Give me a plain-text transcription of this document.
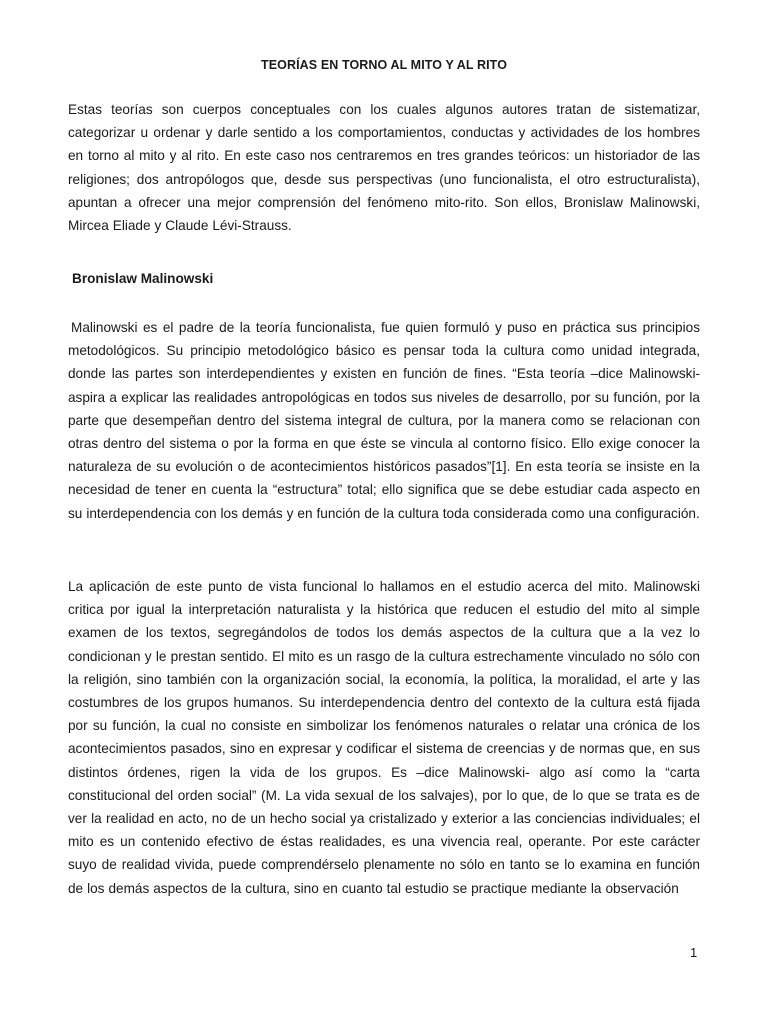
TEORÍAS EN TORNO AL MITO Y AL RITO

Estas teorías son cuerpos conceptuales con los cuales algunos autores tratan de sistematizar, categorizar u ordenar y darle sentido a los comportamientos, conductas y actividades de los hombres en torno al mito y al rito. En este caso nos centraremos en tres grandes teóricos: un historiador de las religiones; dos antropólogos que, desde sus perspectivas (uno funcionalista, el otro estructuralista), apuntan a ofrecer una mejor comprensión del fenómeno mito-rito. Son ellos, Bronislaw Malinowski, Mircea Eliade y Claude Lévi-Strauss.

Bronislaw Malinowski

Malinowski es el padre de la teoría funcionalista, fue quien formuló y puso en práctica sus principios metodológicos. Su principio metodológico básico es pensar toda la cultura como unidad integrada, donde las partes son interdependientes y existen en función de fines. “Esta teoría –dice Malinowski- aspira a explicar las realidades antropológicas en todos sus niveles de desarrollo, por su función, por la parte que desempeñan dentro del sistema integral de cultura, por la manera como se relacionan con otras dentro del sistema o por la forma en que éste se vincula al contorno físico. Ello exige conocer la naturaleza de su evolución o de acontecimientos históricos pasados”[1]. En esta teoría se insiste en la necesidad de tener en cuenta la “estructura” total; ello significa que se debe estudiar cada aspecto en su interdependencia con los demás y en función de la cultura toda considerada como una configuración.

La aplicación de este punto de vista funcional lo hallamos en el estudio acerca del mito. Malinowski critica por igual la interpretación naturalista y la histórica que reducen el estudio del mito al simple examen de los textos, segregándolos de todos los demás aspectos de la cultura que a la vez lo condicionan y le prestan sentido. El mito es un rasgo de la cultura estrechamente vinculado no sólo con la religión, sino también con la organización social, la economía, la política, la moralidad, el arte y las costumbres de los grupos humanos. Su interdependencia dentro del contexto de la cultura está fijada por su función, la cual no consiste en simbolizar los fenómenos naturales o relatar una crónica de los acontecimientos pasados, sino en expresar y codificar el sistema de creencias y de normas que, en sus distintos órdenes, rigen la vida de los grupos. Es –dice Malinowski- algo así como la “carta constitucional del orden social” (M. La vida sexual de los salvajes), por lo que, de lo que se trata es de ver la realidad en acto, no de un hecho social ya cristalizado y exterior a las conciencias individuales; el mito es un contenido efectivo de éstas realidades, es una vivencia real, operante. Por este carácter suyo de realidad vivida, puede comprendérselo plenamente no sólo en tanto se lo examina en función de los demás aspectos de la cultura, sino en cuanto tal estudio se practique mediante la observación

1
